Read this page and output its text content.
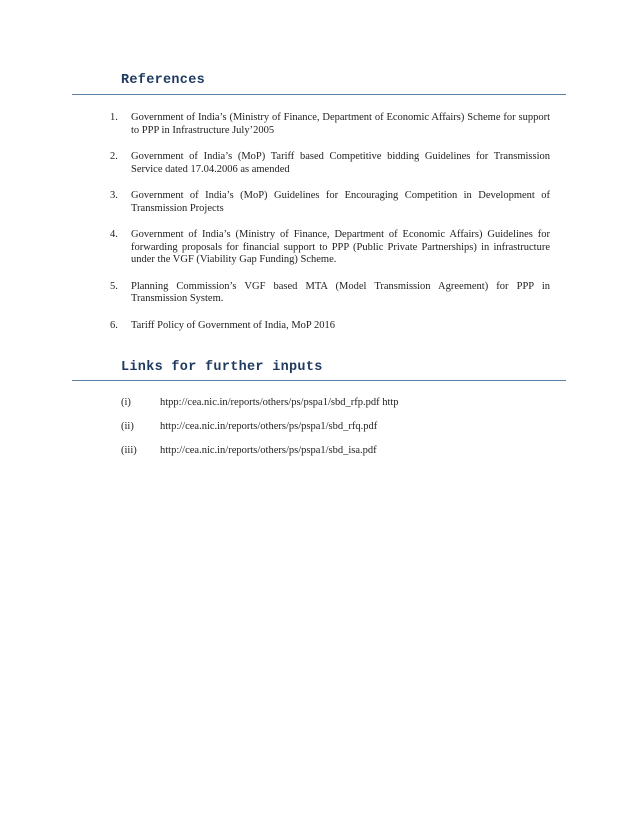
References
1. Government of India’s (Ministry of Finance, Department of Economic Affairs) Scheme for support to PPP in Infrastructure July’2005
2. Government of India’s (MoP) Tariff based Competitive bidding Guidelines for Transmission Service dated 17.04.2006 as amended
3. Government of India’s (MoP) Guidelines for Encouraging Competition in Development of Transmission Projects
4. Government of India’s (Ministry of Finance, Department of Economic Affairs) Guidelines for forwarding proposals for financial support to PPP (Public Private Partnerships) in infrastructure under the VGF (Viability Gap Funding) Scheme.
5. Planning Commission’s VGF based MTA (Model Transmission Agreement) for PPP in Transmission System.
6. Tariff Policy of Government of India, MoP 2016
Links for further inputs
(i)	htpp://cea.nic.in/reports/others/ps/pspa1/sbd_rfp.pdf http
(ii) http://cea.nic.in/reports/others/ps/pspa1/sbd_rfq.pdf
(iii) http://cea.nic.in/reports/others/ps/pspa1/sbd_isa.pdf
